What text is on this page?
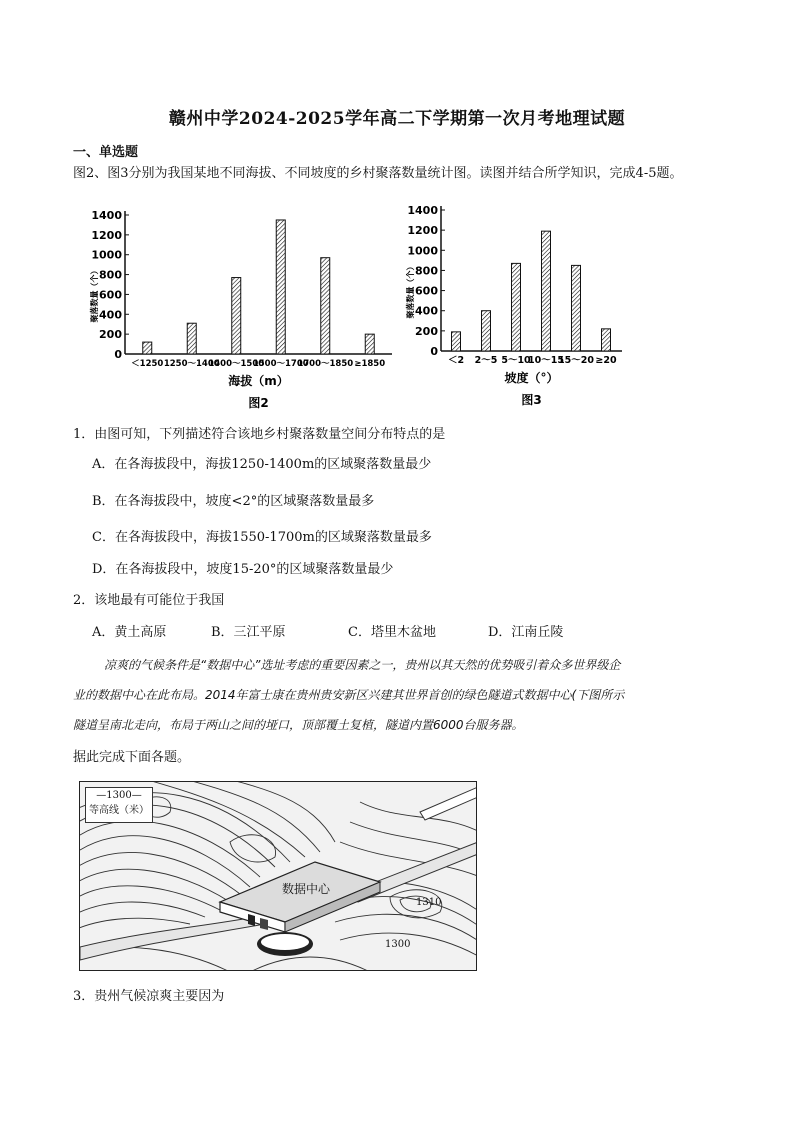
赣州中学2024-2025学年高二下学期第一次月考地理试题
一、单选题
图2、图3分别为我国某地不同海拔、不同坡度的乡村聚落数量统计图。读图并结合所学知识，完成4-5题。
0
200
400
600
800
1000
1200
1400
聚落数量（个）
＜1250 1250～1400
1400～1500
1500～1700
1700～1850 ≥1850
海拔（m）
图2
0
200
400
600
800
1000
1200
1400
聚落数量（个）
＜2 2～5 5～10
10～15
15～20 ≥20
坡度（°）
图3
1．由图可知，下列描述符合该地乡村聚落数量空间分布特点的是
A．在各海拔段中，海拔1250-1400m的区域聚落数量最少
B．在各海拔段中，坡度<2°的区域聚落数量最多
C．在各海拔段中，海拔1550-1700m的区域聚落数量最多
D．在各海拔段中，坡度15-20°的区域聚落数量最少
2．该地最有可能位于我国
A．黄土高原	B．三江平原	C．塔里木盆地	D．江南丘陵
凉爽的气候条件是“数据中心”选址考虑的重要因素之一，贵州以其天然的优势吸引着众多世界级企
业的数据中心在此布局。2014年富士康在贵州贵安新区兴建其世界首创的绿色隧道式数据中心(下图所示
隧道呈南北走向，布局于两山之间的垭口，顶部覆土复植，隧道内置6000台服务器。
据此完成下面各题。
—1300—
等高线（米）
数据中心
1310
1300
3．贵州气候凉爽主要因为
